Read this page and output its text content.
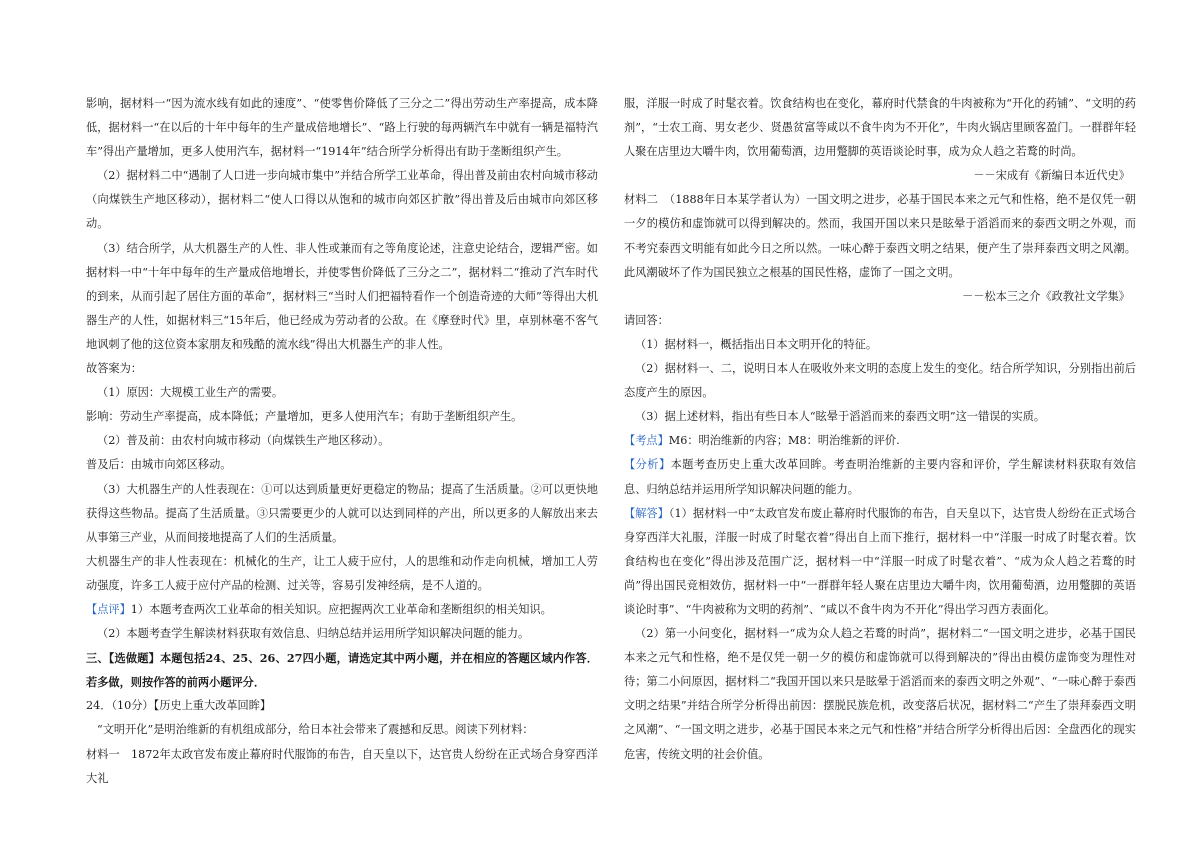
影响，据材料一“因为流水线有如此的速度”、“使零售价降低了三分之二”得出劳动生产率提高，成本降低，据材料一“在以后的十年中每年的生产量成倍地增长”、“路上行驶的每两辆汽车中就有一辆是福特汽车”得出产量增加，更多人使用汽车，据材料一“1914年”结合所学分析得出有助于垄断组织产生。

（2）据材料二中“遇制了人口进一步向城市集中”并结合所学工业革命，得出普及前由农村向城市移动（向煤铁生产地区移动），据材料二“使人口得以从饱和的城市向郊区扩散”得出普及后由城市向郊区移动。

（3）结合所学，从大机器生产的人性、非人性或兼而有之等角度论述，注意史论结合，逻辑严密。如据材料一中“十年中每年的生产量成倍地增长，并使零售价降低了三分之二”，据材料二“推动了汽车时代的到来，从而引起了居住方面的革命”，据材料三“当时人们把福特看作一个创造奇迹的大师”等得出大机器生产的人性，如据材料三“15年后，他已经成为劳动者的公敌。在《摩登时代》里，卓别林毫不客气地讽刺了他的这位资本家朋友和残酷的流水线”得出大机器生产的非人性。

故答案为：

（1）原因：大规模工业生产的需要。

影响：劳动生产率提高，成本降低；产量增加，更多人使用汽车；有助于垄断组织产生。

（2）普及前：由农村向城市移动（向煤铁生产地区移动）。

普及后：由城市向郊区移动。

（3）大机器生产的人性表现在：①可以达到质量更好更稳定的物品；提高了生活质量。②可以更快地获得这些物品。提高了生活质量。③只需要更少的人就可以达到同样的产出，所以更多的人解放出来去从事第三产业，从而间接地提高了人们的生活质量。

大机器生产的非人性表现在：机械化的生产，让工人疲于应付，人的思维和动作走向机械，增加工人劳动强度，许多工人疲于应付产品的检测、过关等，容易引发神经病，是不人道的。

【点评】1）本题考查两次工业革命的相关知识。应把握两次工业革命和垄断组织的相关知识。

（2）本题考查学生解读材料获取有效信息、归纳总结并运用所学知识解决问题的能力。

三、【选做题】本题包括24、25、26、27四小题，请选定其中两小题，并在相应的答题区域内作答．若多做，则按作答的前两小题评分．

24．（10分）【历史上重大改革回眸】

“文明开化”是明治维新的有机组成部分，给日本社会带来了震撼和反思。阅读下列材料：

材料一　1872年太政官发布废止幕府时代服饰的布告，自天皇以下，达官贵人纷纷在正式场合身穿西洋大礼

服，洋服一时成了时髦衣着。饮食结构也在变化，幕府时代禁食的牛肉被称为“开化的药铺”、“文明的药剂”，“士农工商、男女老少、贤愚贫富等咸以不食牛肉为不开化”，牛肉火锅店里顾客盈门。一群群年轻人聚在店里边大嚼牛肉，饮用葡萄酒，边用蹩脚的英语谈论时事，成为众人趋之若鹜的时尚。

－－宋成有《新编日本近代史》

材料二　（1888年日本某学者认为）一国文明之进步，必基于国民本来之元气和性格，绝不是仅凭一朝一夕的模仿和虚饰就可以得到解决的。然而，我国开国以来只是眩晕于滔滔而来的泰西文明之外观，而不考究泰西文明能有如此今日之所以然。一味心醉于泰西文明之结果，便产生了崇拜泰西文明之风潮。此风潮破坏了作为国民独立之根基的国民性格，虚饰了一国之文明。

－－松本三之介《政教社文学集》

请回答：

（1）据材料一，概括指出日本文明开化的特征。

（2）据材料一、二，说明日本人在吸收外来文明的态度上发生的变化。结合所学知识，分别指出前后态度产生的原因。

（3）据上述材料，指出有些日本人“眩晕于滔滔而来的泰西文明”这一错误的实质。

【考点】M6：明治维新的内容；M8：明治维新的评价.

【分析】本题考查历史上重大改革回眸。考查明治维新的主要内容和评价，学生解读材料获取有效信息、归纳总结并运用所学知识解决问题的能力。

【解答】（1）据材料一中“太政官发布废止幕府时代服饰的布告，自天皇以下，达官贵人纷纷在正式场合身穿西洋大礼服，洋服一时成了时髦衣着”得出自上而下推行，据材料一中“洋服一时成了时髦衣着。饮食结构也在变化”得出涉及范围广泛，据材料一中“洋服一时成了时髦衣着”、“成为众人趋之若鹜的时尚”得出国民竞相效仿，据材料一中“一群群年轻人聚在店里边大嚼牛肉，饮用葡萄酒，边用蹩脚的英语谈论时事”、“牛肉被称为文明的药剂”、“咸以不食牛肉为不开化”得出学习西方表面化。

（2）第一小问变化，据材料一“成为众人趋之若鹜的时尚”，据材料二“一国文明之进步，必基于国民本来之元气和性格，绝不是仅凭一朝一夕的模仿和虚饰就可以得到解决的”得出由模仿虚饰变为理性对待；第二小问原因，据材料二“我国开国以来只是眩晕于滔滔而来的泰西文明之外观”、“一味心醉于泰西文明之结果”并结合所学分析得出前因：摆脱民族危机，改变落后状况，据材料二“产生了崇拜泰西文明之风潮”、“一国文明之进步，必基于国民本来之元气和性格”并结合所学分析得出后因：全盘西化的现实危害，传统文明的社会价值。
